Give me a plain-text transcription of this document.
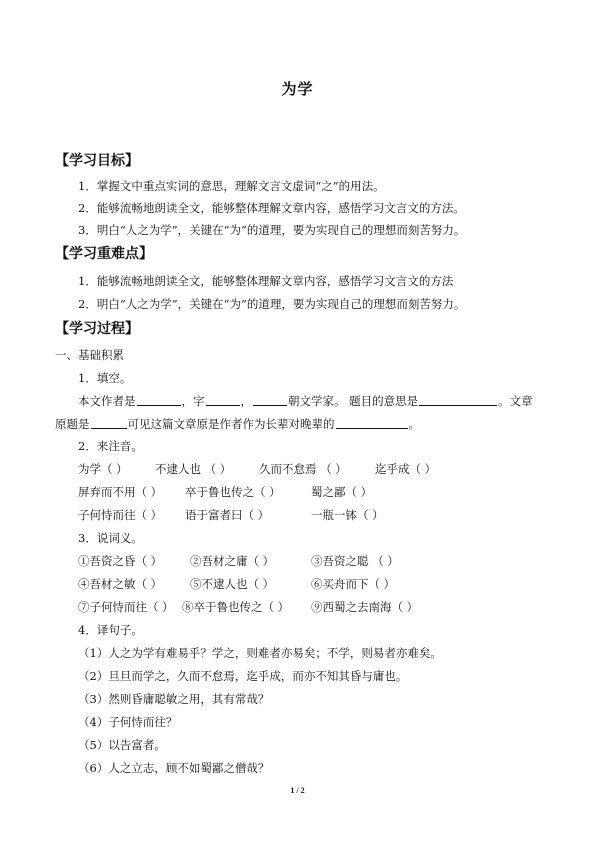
为学
【学习目标】
1．掌握文中重点实词的意思，理解文言文虚词“之”的用法。
2．能够流畅地朗读全文，能够整体理解文章内容，感悟学习文言文的方法。
3．明白“人之为学”，关键在“为”的道理，要为实现自己的理想而刻苦努力。
【学习重难点】
1．能够流畅地朗读全文，能够整体理解文章内容，感悟学习文言文的方法
2．明白“人之为学”，关键在“为”的道理，要为实现自己的理想而刻苦努力。
【学习过程】
一、基础积累
1．填空。
本文作者是	，字	，	朝文学家。 题目的意思是	。文章
原题是	可见这篇文章原是作者作为长辈对晚辈的	。
2．来注音。
为学（ ） 不逮人也 （ ） 久而不怠焉 （ ） 迄乎成（ ）
屏弃而不用（ ） 卒于鲁也传之（ ）	蜀之鄙（ ）
子何恃而往（ ） 语于富者曰（ ）	一瓶一钵（ ）
3．说词义。
①吾资之昏（ ） ②吾材之庸（ ）	③吾资之聪 （ ）
④吾材之敏（ ） ⑤不逮人也（ ）	⑥买舟而下（ ）
⑦子何恃而往（ ） ⑧卒于鲁也传之（ ） ⑨西蜀之去南海（ ）
4．译句子。
（1）人之为学有难易乎？学之，则难者亦易矣；不学，则易者亦难矣。
（2）旦旦而学之，久而不怠焉，迄乎成，而亦不知其昏与庸也。
（3）然则昏庸聪敏之用，其有常哉？
（4）子何恃而往？
（5）以告富者。
（6）人之立志，顾不如蜀鄙之僧哉？
1 / 2
